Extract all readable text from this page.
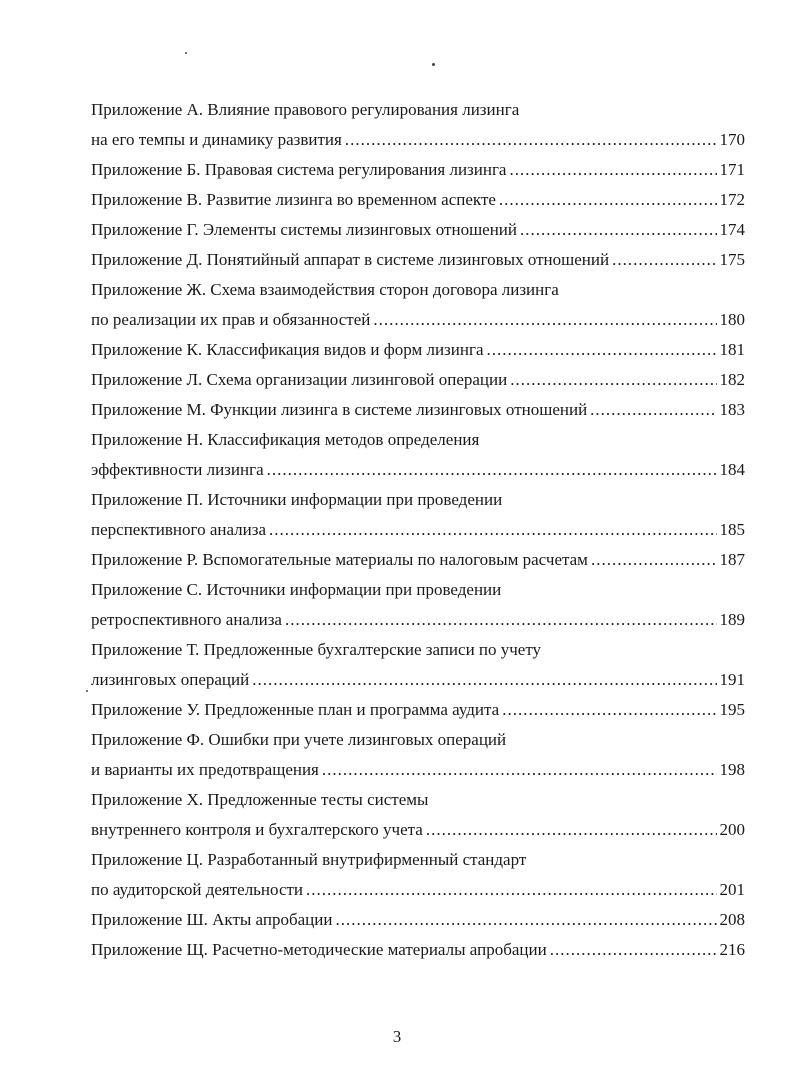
Приложение А. Влияние правового регулирования лизинга
на его темпы и динамику развития .....	170
Приложение Б. Правовая система регулирования лизинга .....	171
Приложение В. Развитие лизинга во временном аспекте .....	172
Приложение Г. Элементы системы лизинговых отношений .....	174
Приложение Д. Понятийный аппарат в системе лизинговых отношений .....	175
Приложение Ж. Схема взаимодействия сторон договора лизинга
по реализации их прав и обязанностей .....	180
Приложение К. Классификация видов и форм лизинга .....	181
Приложение Л. Схема организации лизинговой операции .....	182
Приложение М. Функции лизинга в системе лизинговых отношений .....	183
Приложение Н. Классификация методов определения
эффективности лизинга .....	184
Приложение П. Источники информации при проведении
перспективного анализа .....	185
Приложение Р. Вспомогательные материалы по налоговым расчетам .....	187
Приложение С. Источники информации при проведении
ретроспективного анализа .....	189
Приложение Т. Предложенные бухгалтерские записи по учету
лизинговых операций .....	191
Приложение У. Предложенные план и программа аудита .....	195
Приложение Ф. Ошибки при учете лизинговых операций
и варианты их предотвращения .....	198
Приложение Х. Предложенные тесты системы
внутреннего контроля и бухгалтерского учета .....	200
Приложение Ц. Разработанный внутрифирменный стандарт
по аудиторской деятельности .....	201
Приложение Ш. Акты апробации .....	208
Приложение Щ. Расчетно-методические материалы апробации .....	216
3
